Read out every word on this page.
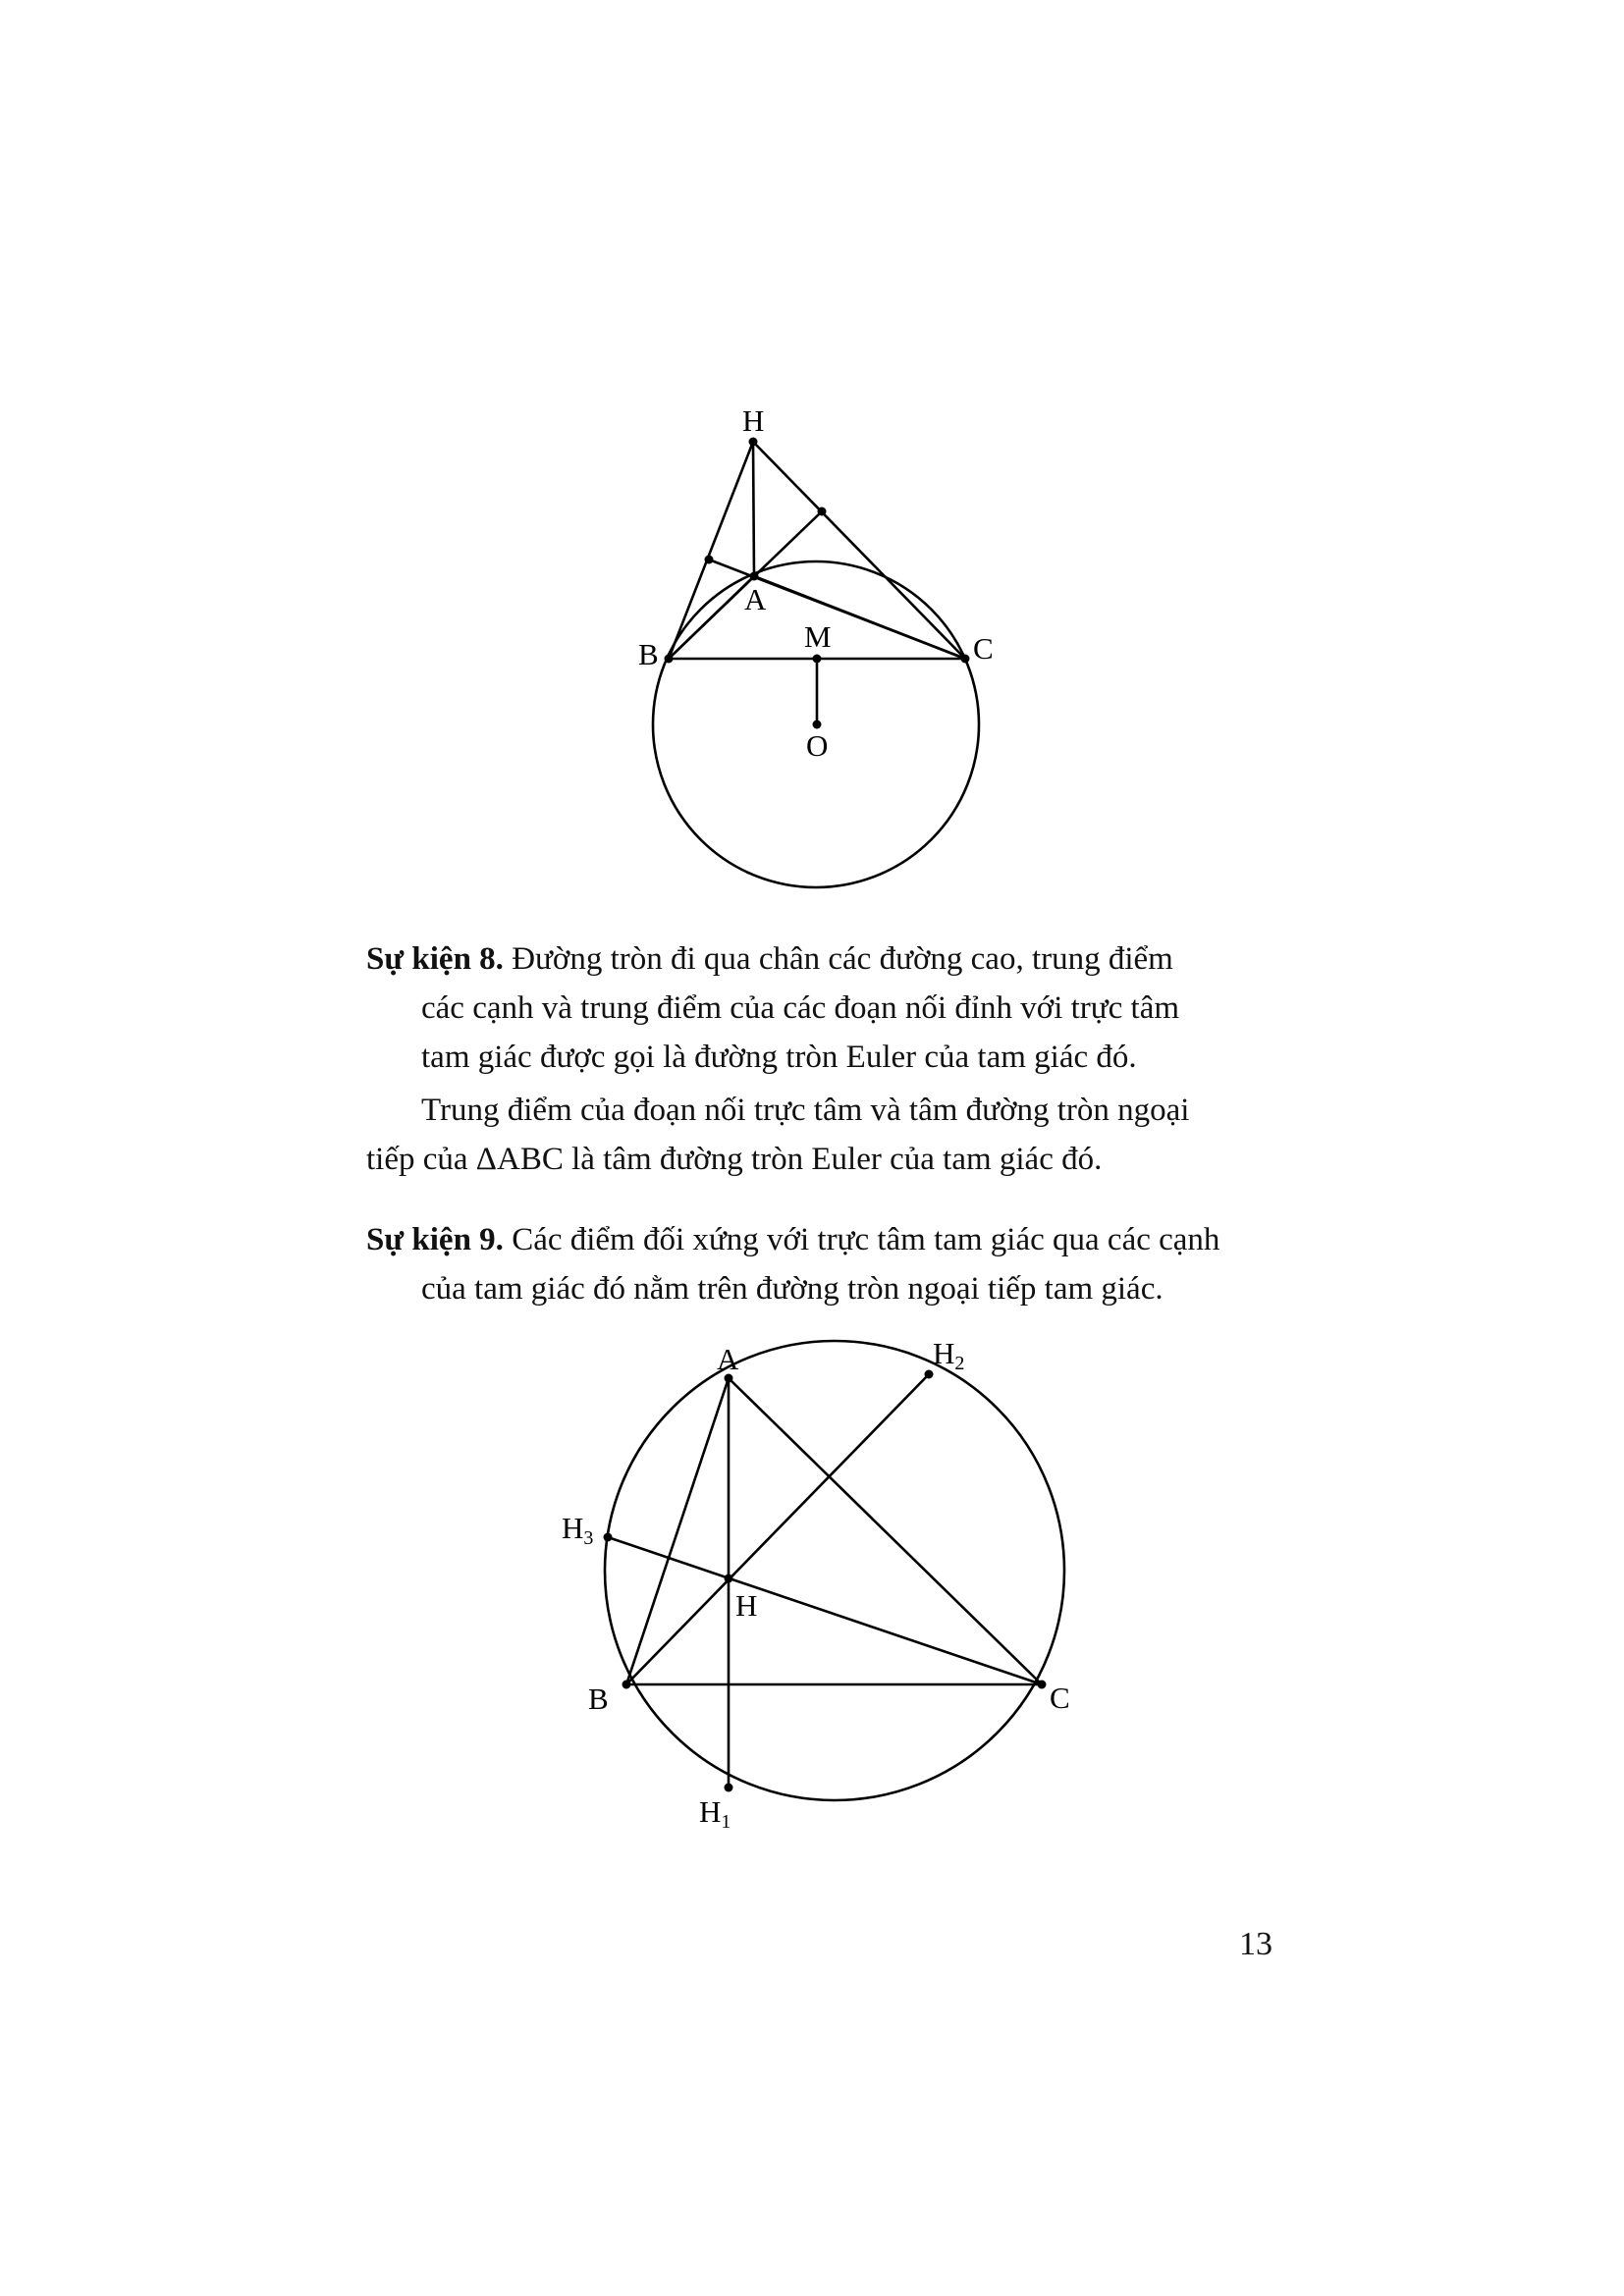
H
A
B	C
M
O

Sự kiện 8. Đường tròn đi qua chân các đường cao, trung điểm
các cạnh và trung điểm của các đoạn nối đỉnh với trực tâm
tam giác được gọi là đường tròn Euler của tam giác đó.

Trung điểm của đoạn nối trực tâm và tâm đường tròn ngoại
tiếp của ΔABC là tâm đường tròn Euler của tam giác đó.

Sự kiện 9. Các điểm đối xứng với trực tâm tam giác qua các cạnh
của tam giác đó nằm trên đường tròn ngoại tiếp tam giác.

A	H2
H3
H
B	C
H1
13
